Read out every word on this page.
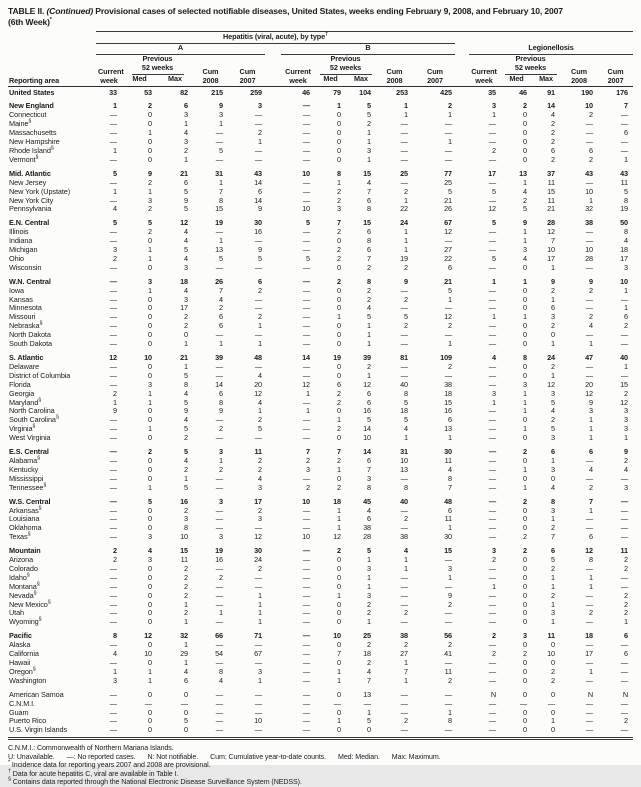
TABLE II. (Continued) Provisional cases of selected notifiable diseases, United States, weeks ending February 9, 2008, and February 10, 2007
(6th Week)*

	Hepatitis (viral, acute), by type†

	A					B					Legionellosis				

Reporting area	Current week	
Previous
52 weeks	Cum 2008

Cum 2007
	Current week	
Previous
52 weeks	Cum 2008

Cum 2007
	Current week	
Previous
52 weeks	Cum 2008

Cum 2007

		Med	Max				Med	Max				Med	Max		
United States	33	53	82	215	259	46	79	104	253	425	35	46	91	190	176

New England	1	2	6	9	3	—	1	5	1	2	3	2	14	10	7
Connecticut	—	0	3	3	—	—	0	5	1	1	1	0	4	2	—
Maine§	—	0	1	1	—	—	0	2	—	—	—	0	2	—	—
Massachusetts	—	1	4	—	2	—	0	1	—	—	—	0	2	—	6
New Hampshire	—	0	3	—	1	—	0	1	—	1	—	0	2	—	—
Rhode Island§	1	0	2	5	—	—	0	3	—	—	2	0	6	6	—
Vermont§	—	0	1	—	—	—	0	1	—	—	—	0	2	2	1

Mid. Atlantic	5	9	21	31	43	10	8	15	25	77	17	13	37	43	43
New Jersey	—	2	6	1	14	—	1	4	—	25	—	1	11	—	11
New York (Upstate)	1	1	5	7	6	—	2	7	2	5	5	4	15	10	5
New York City	—	3	9	8	14	—	2	6	1	21	—	2	11	1	8
Pennsylvania	4	2	5	15	9	10	3	8	22	26	12	5	21	32	19

E.N. Central	5	5	12	19	30	5	7	15	24	67	5	9	28	38	50
Illinois	—	2	4	—	16	—	2	6	1	12	—	1	12	—	8
Indiana	—	0	4	1	—	—	0	8	1	—	—	1	7	—	4
Michigan	3	1	5	13	9	—	2	6	1	27	—	3	10	10	18
Ohio	2	1	4	5	5	5	2	7	19	22	5	4	17	28	17
Wisconsin	—	0	3	—	—	—	0	2	2	6	—	0	1	—	3

W.N. Central	—	3	18	26	6	—	2	8	9	21	1	1	9	9	10
Iowa	—	1	4	7	2	—	0	2	—	5	—	0	2	2	1
Kansas	—	0	3	4	—	—	0	2	2	1	—	0	1	—	—
Minnesota	—	0	17	2	—	—	0	4	—	—	—	0	6	—	1
Missouri	—	0	2	6	2	—	1	5	5	12	1	1	3	2	6
Nebraska§	—	0	2	6	1	—	0	1	2	2	—	0	2	4	2
North Dakota	—	0	0	—	—	—	0	1	—	—	—	0	0	—	—
South Dakota	—	0	1	1	1	—	0	1	—	1	—	0	1	1	—

S. Atlantic	12	10	21	39	48	14	19	39	81	109	4	8	24	47	40
Delaware	—	0	1	—	—	—	0	2	—	2	—	0	2	—	1
District of Columbia	—	0	5	—	4	—	0	1	—	—	—	0	1	—	—
Florida	—	3	8	14	20	12	6	12	40	38	—	3	12	20	15
Georgia	2	1	4	6	12	1	2	6	8	18	3	1	3	12	2
Maryland§	1	1	5	8	4	—	2	6	5	15	1	1	5	9	12
North Carolina	9	0	9	9	1	1	0	16	18	16	—	1	4	3	3
South Carolina§	—	0	4	—	2	—	1	5	5	6	—	0	2	1	3
Virginia§	—	1	5	2	5	—	2	14	4	13	—	1	5	1	3
West Virginia	—	0	2	—	—	—	0	10	1	1	—	0	3	1	1

E.S. Central	—	2	5	3	11	7	7	14	31	30	—	2	6	6	9
Alabama§	—	0	4	1	2	2	2	6	10	11	—	0	1	—	2
Kentucky	—	0	2	2	2	3	1	7	13	4	—	1	3	4	4
Mississippi	—	0	1	—	4	—	0	3	—	8	—	0	0	—	—
Tennessee§	—	1	5	—	3	2	2	8	8	7	—	1	4	2	3

W.S. Central	—	5	16	3	17	10	18	45	40	48	—	2	8	7	—
Arkansas§	—	0	2	—	2	—	1	4	—	6	—	0	3	1	—
Louisiana	—	0	3	—	3	—	1	6	2	11	—	0	1	—	—
Oklahoma	—	0	8	—	—	—	1	38	—	1	—	0	2	—	—
Texas§	—	3	10	3	12	10	12	28	38	30	—	2	7	6	—

Mountain	2	4	15	19	30	—	2	5	4	15	3	2	6	12	11
Arizona	2	3	11	16	24	—	0	1	1	—	2	0	5	8	2
Colorado	—	0	2	—	2	—	0	3	1	3	—	0	2	—	2
Idaho§	—	0	2	2	—	—	0	1	—	1	—	0	1	1	—
Montana§	—	0	2	—	—	—	0	1	—	—	1	0	1	1	—
Nevada§	—	0	2	—	1	—	1	3	—	9	—	0	2	—	2
New Mexico§	—	0	1	—	1	—	0	2	—	2	—	0	1	—	2
Utah	—	0	2	1	1	—	0	2	2	—	—	0	3	2	2
Wyoming§	—	0	1	—	1	—	0	1	—	—	—	0	1	—	1

Pacific	8	12	32	66	71	—	10	25	38	56	2	3	11	18	6
Alaska	—	0	1	—	—	—	0	2	2	2	—	0	0	—	—
California	4	10	29	54	67	—	7	18	27	41	2	2	10	17	6
Hawaii	—	0	1	—	—	—	0	2	1	—	—	0	0	—	—
Oregon§	1	1	4	8	3	—	1	4	7	11	—	0	2	1	—
Washington	3	1	6	4	1	—	1	7	1	2	—	0	2	—	—

American Samoa	—	0	0	—	—	—	0	13	—	—	N	0	0	N	N
C.N.M.I.	—	—	—	—	—	—	—	—	—	—	—	—	—	—	—
Guam	—	0	0	—	—	—	0	1	—	1	—	0	0	—	—
Puerto Rico	—	0	5	—	10	—	1	5	2	8	—	0	1	—	2
U.S. Virgin Islands	—	0	0	—	—	—	0	0	—	—	—	0	0	—	—
C.N.M.I.: Commonwealth of Northern Mariana Islands.
U: Unavailable. —: No reported cases. N: Not notifiable. Cum: Cumulative year-to-date counts. Med: Median. Max: Maximum.
* Incidence data for reporting years 2007 and 2008 are provisional.
† Data for acute hepatitis C, viral are available in Table I.
§ Contains data reported through the National Electronic Disease Surveillance System (NEDSS).
